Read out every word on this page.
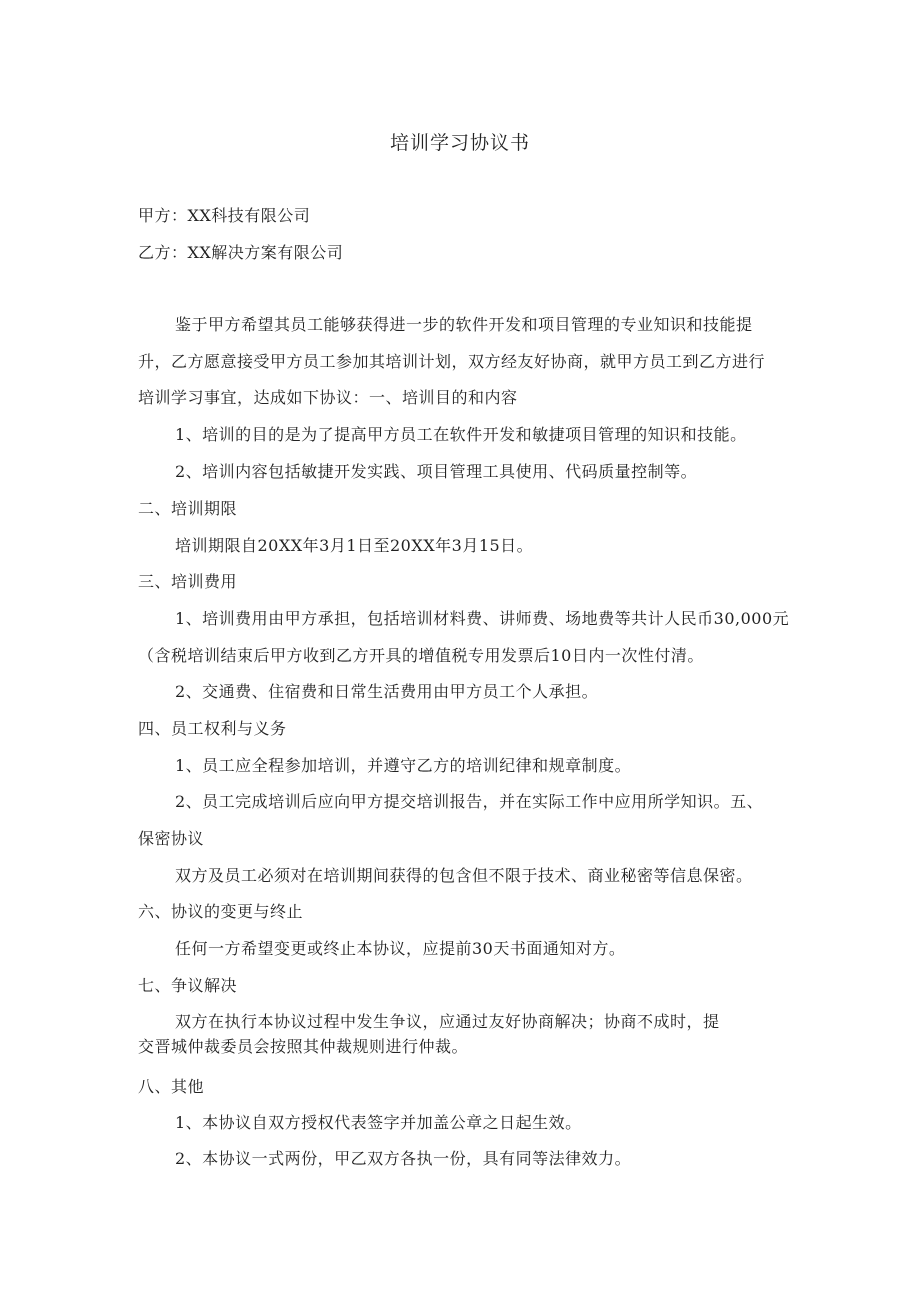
培训学习协议书
甲方：XX科技有限公司
乙方：XX解决方案有限公司
鉴于甲方希望其员工能够获得进一步的软件开发和项目管理的专业知识和技能提
升，乙方愿意接受甲方员工参加其培训计划，双方经友好协商，就甲方员工到乙方进行
培训学习事宜，达成如下协议：一、培训目的和内容
1、培训的目的是为了提高甲方员工在软件开发和敏捷项目管理的知识和技能。
2、培训内容包括敏捷开发实践、项目管理工具使用、代码质量控制等。
二、培训期限
培训期限自20XX年3月1日至20XX年3月15日。
三、培训费用
1、培训费用由甲方承担，包括培训材料费、讲师费、场地费等共计人民币30,000元
（含税培训结束后甲方收到乙方开具的增值税专用发票后10日内一次性付清。
2、交通费、住宿费和日常生活费用由甲方员工个人承担。
四、员工权利与义务
1、员工应全程参加培训，并遵守乙方的培训纪律和规章制度。
2、员工完成培训后应向甲方提交培训报告，并在实际工作中应用所学知识。五、
保密协议
双方及员工必须对在培训期间获得的包含但不限于技术、商业秘密等信息保密。
六、协议的变更与终止
任何一方希望变更或终止本协议，应提前30天书面通知对方。
七、争议解决
双方在执行本协议过程中发生争议，应通过友好协商解决；协商不成时，提
交晋城仲裁委员会按照其仲裁规则进行仲裁。
八、其他
1、本协议自双方授权代表签字并加盖公章之日起生效。
2、本协议一式两份，甲乙双方各执一份，具有同等法律效力。
